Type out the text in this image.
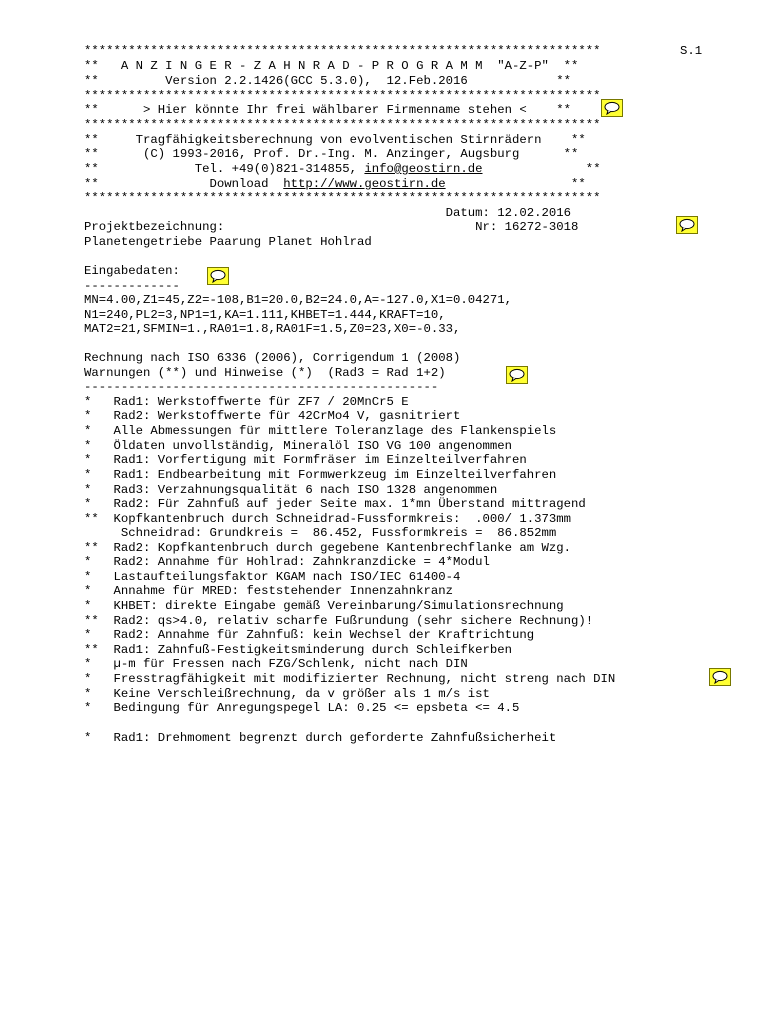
S.1
**********************************************************************
**   A N Z I N G E R - Z A H N R A D - P R O G R A M M  "A-Z-P"  **
**         Version 2.2.1426(GCC 5.3.0),  12.Feb.2016            **
**********************************************************************
**      > Hier könnte Ihr frei wählbarer Firmenname stehen <    **
**********************************************************************
**     Tragfähigkeitsberechnung von evolventischen Stirnrädern    **
**      (C) 1993-2016, Prof. Dr.-Ing. M. Anzinger, Augsburg      **
**             Tel. +49(0)821-314855, info@geostirn.de              **
**               Download  http://www.geostirn.de                 **
**********************************************************************
Datum: 12.02.2016
Projektbezeichnung:                                  Nr: 16272-3018
Planetengetriebe Paarung Planet Hohlrad
Eingabedaten:
-------------
MN=4.00,Z1=45,Z2=-108,B1=20.0,B2=24.0,A=-127.0,X1=0.04271,
N1=240,PL2=3,NP1=1,KA=1.111,KHBET=1.444,KRAFT=10,
MAT2=21,SFMIN=1.,RA01=1.8,RA01F=1.5,Z0=23,X0=-0.33,
Rechnung nach ISO 6336 (2006), Corrigendum 1 (2008)
Warnungen (**) und Hinweise (*)  (Rad3 = Rad 1+2)
------------------------------------------------
*   Rad1: Werkstoffwerte für ZF7 / 20MnCr5 E
*   Rad2: Werkstoffwerte für 42CrMo4 V, gasnitriert
*   Alle Abmessungen für mittlere Toleranzlage des Flankenspiels
*   Öldaten unvollständig, Mineralöl ISO VG 100 angenommen
*   Rad1: Vorfertigung mit Formfräser im Einzelteilverfahren
*   Rad1: Endbearbeitung mit Formwerkzeug im Einzelteilverfahren
*   Rad3: Verzahnungsqualität 6 nach ISO 1328 angenommen
*   Rad2: Für Zahnfuß auf jeder Seite max. 1*mn Überstand mittragend
**  Kopfkantenbruch durch Schneidrad-Fussformkreis:  .000/ 1.373mm
Schneidrad: Grundkreis =  86.452, Fussformkreis =  86.852mm
**  Rad2: Kopfkantenbruch durch gegebene Kantenbrechflanke am Wzg.
*   Rad2: Annahme für Hohlrad: Zahnkranzdicke = 4*Modul
*   Lastaufteilungsfaktor KGAM nach ISO/IEC 61400-4
*   Annahme für MRED: feststehender Innenzahnkranz
*   KHBET: direkte Eingabe gemäß Vereinbarung/Simulationsrechnung
**  Rad2: qs>4.0, relativ scharfe Fußrundung (sehr sichere Rechnung)!
*   Rad2: Annahme für Zahnfuß: kein Wechsel der Kraftrichtung
**  Rad1: Zahnfuß-Festigkeitsminderung durch Schleifkerben
*   µ-m für Fressen nach FZG/Schlenk, nicht nach DIN
*   Fresstragfähigkeit mit modifizierter Rechnung, nicht streng nach DIN
*   Keine Verschleißrechnung, da v größer als 1 m/s ist
*   Bedingung für Anregungspegel LA: 0.25 <= epsbeta <= 4.5
*   Rad1: Drehmoment begrenzt durch geforderte Zahnfußsicherheit
